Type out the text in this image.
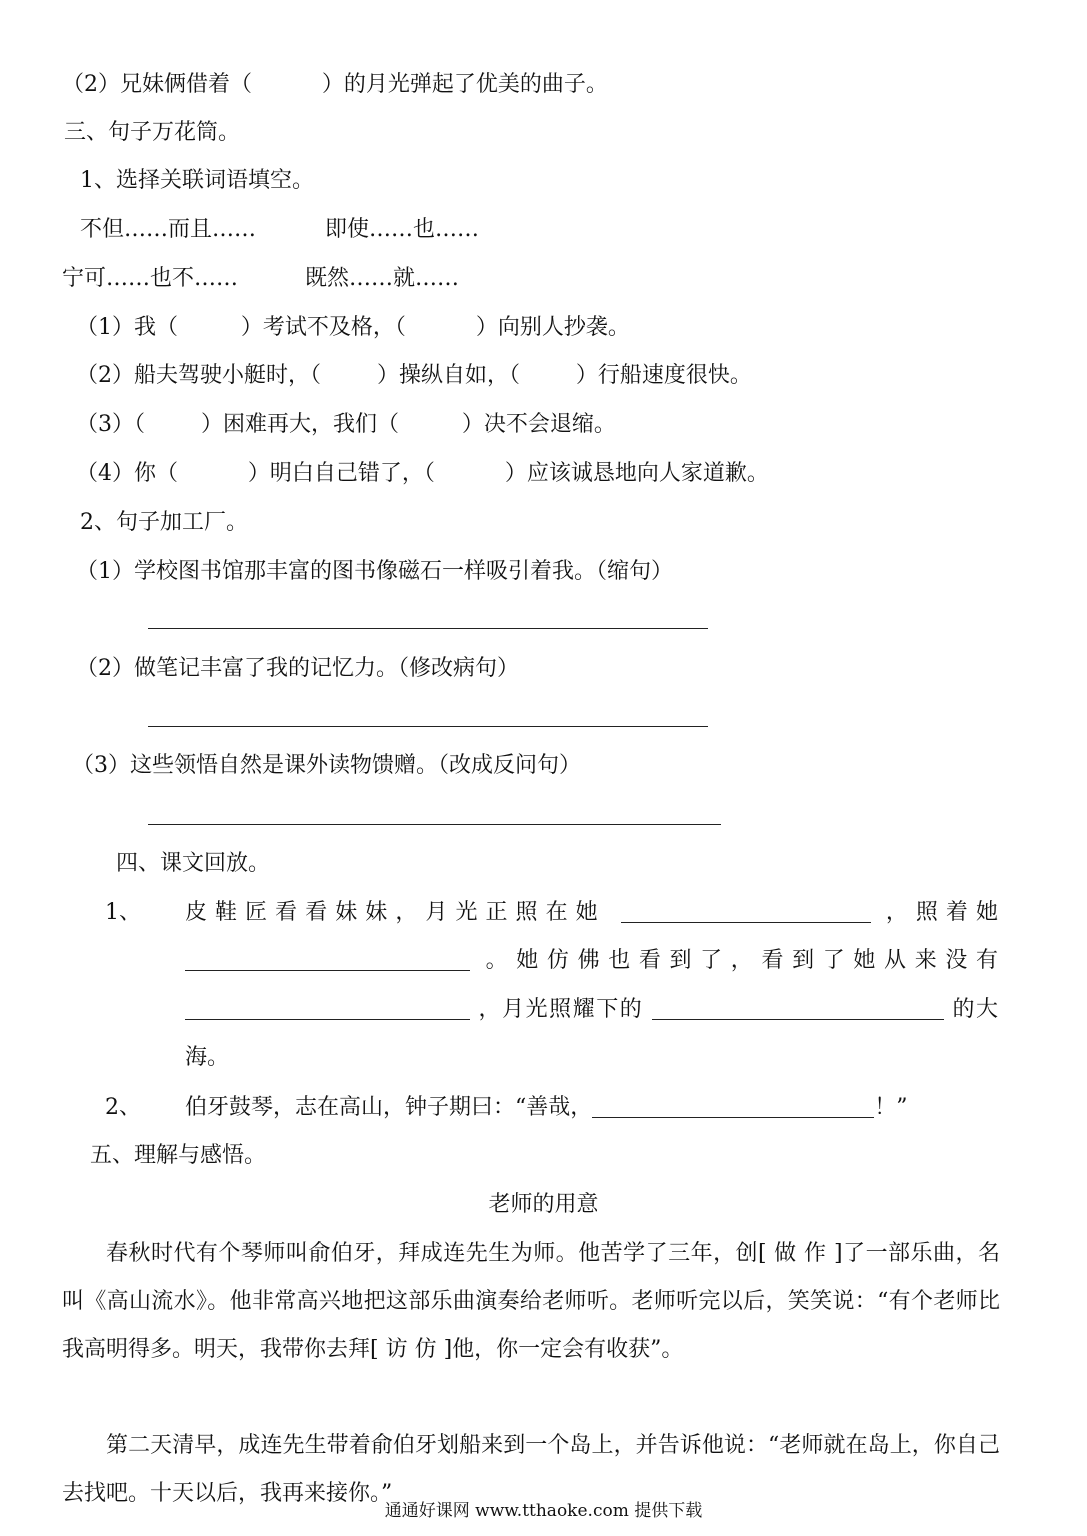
（2）兄妹俩借着（          ）的月光弹起了优美的曲子。
三、句子万花筒。
1、选择关联词语填空。
不但……而且……	即使……也……
宁可……也不……	既然……就……
（1）我（         ）考试不及格，（          ）向别人抄袭。
（2）船夫驾驶小艇时，（        ）操纵自如，（        ）行船速度很快。
（3）（        ）困难再大，我们（         ）决不会退缩。
（4）你（          ）明白自己错了，（          ）应该诚恳地向人家道歉。
2、句子加工厂。
（1）学校图书馆那丰富的图书像磁石一样吸引着我。（缩句）
（2）做笔记丰富了我的记忆力。（修改病句）
（3）这些领悟自然是课外读物馈赠。（改成反问句）
四、课文回放。
1、 皮鞋匠看看妹妹，月光正照在她	，照着她
。她仿佛也看到了，看到了她从来没有
，月光照耀下的	的大
海。
2、 伯牙鼓琴，志在高山，钟子期曰：“善哉，	！”
五、理解与感悟。
老师的用意
春秋时代有个琴师叫俞伯牙，拜成连先生为师。他苦学了三年，创[ 做 作 ]了一部乐曲，名叫《高山流水》。他非常高兴地把这部乐曲演奏给老师听。老师听完以后，笑笑说：“有个老师比我高明得多。明天，我带你去拜[ 访 仿 ]他，你一定会有收获”。
第二天清早，成连先生带着俞伯牙划船来到一个岛上，并告诉他说：“老师就在岛上，你自己去找吧。十天以后，我再来接你。”
通通好课网 www.tthaoke.com 提供下载
